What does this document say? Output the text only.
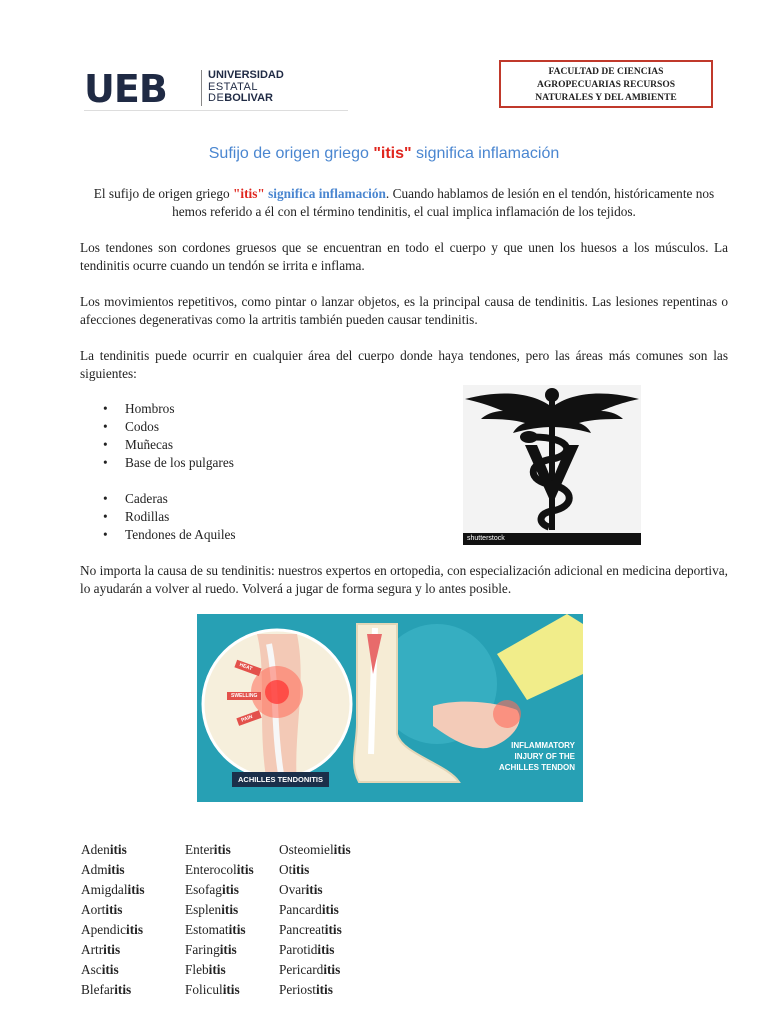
UEB	UNIVERSIDAD
ESTATAL
DEBOLIVAR
FACULTAD DE CIENCIAS
AGROPECUARIAS RECURSOS
NATURALES Y DEL AMBIENTE
Sufijo de origen griego "itis" significa inflamación
El sufijo de origen griego "itis" significa inflamación. Cuando hablamos de lesión en el tendón, históricamente nos hemos referido a él con el término tendinitis, el cual implica inflamación de los tejidos.
Los tendones son cordones gruesos que se encuentran en todo el cuerpo y que unen los huesos a los músculos. La tendinitis ocurre cuando un tendón se irrita e inflama.
Los movimientos repetitivos, como pintar o lanzar objetos, es la principal causa de tendinitis. Las lesiones repentinas o afecciones degenerativas como la artritis también pueden causar tendinitis.
La tendinitis puede ocurrir en cualquier área del cuerpo donde haya tendones, pero las áreas más comunes son las siguientes:
• Hombros
• Codos
• Muñecas
• Base de los pulgares
• Caderas
• Rodillas
• Tendones de Aquiles	shutterstock
No importa la causa de su tendinitis: nuestros expertos en ortopedia, con especialización adicional en medicina deportiva, lo ayudarán a volver al ruedo. Volverá a jugar de forma segura y lo antes posible.
HEAT
SWELLING
PAIN
ACHILLES TENDONITIS
INFLAMMATORY INJURY OF THE ACHILLES TENDON
Adenitis
Admitis
Amigdalitis
Aortitis
Apendicitis
Artritis
Ascitis
Blefaritis
Enteritis
Enterocolitis
Esofagitis
Esplenitis
Estomatitis
Faringitis
Flebitis
Foliculitis
Osteomielitis
Otitis
Ovaritis
Pancarditis
Pancreatitis
Parotiditis
Pericarditis
Periostitis
